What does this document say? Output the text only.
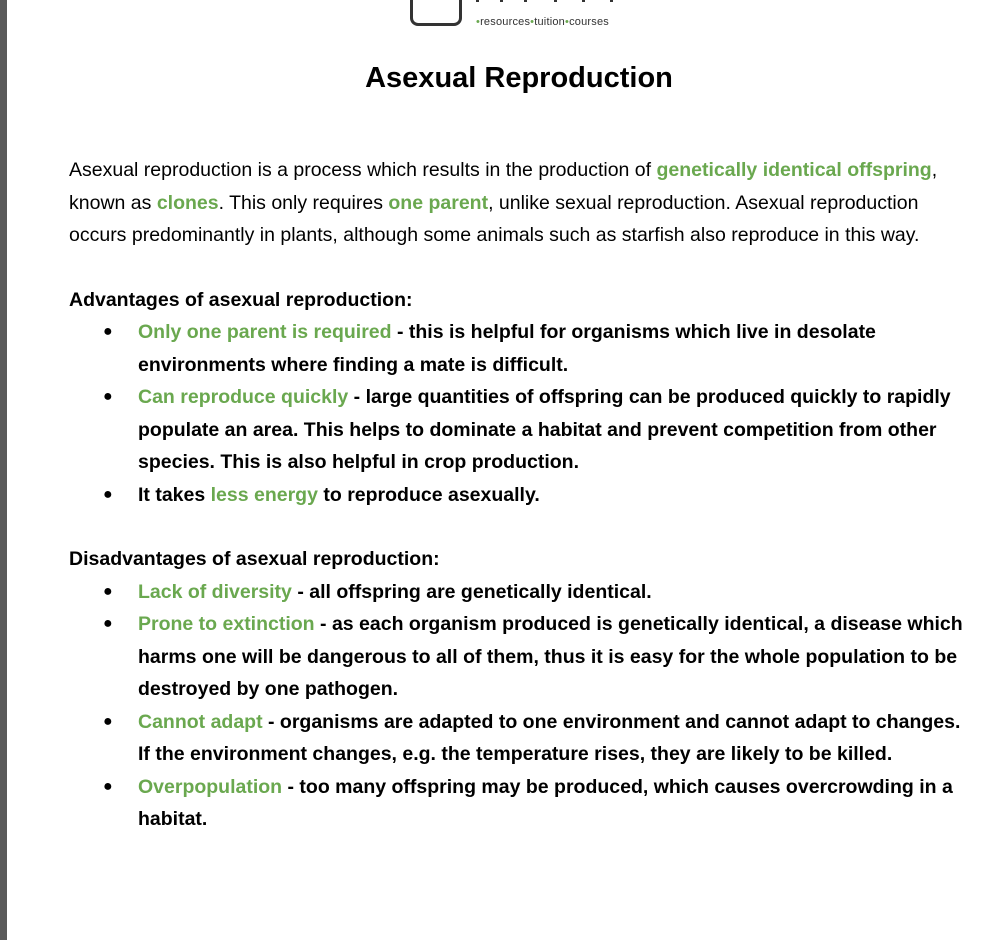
•resources•tuition•courses
Asexual Reproduction

Asexual reproduction is a process which results in the production of genetically identical offspring, known as clones. This only requires one parent, unlike sexual reproduction. Asexual reproduction occurs predominantly in plants, although some animals such as starfish also reproduce in this way.

Advantages of asexual reproduction:

● Only one parent is required - this is helpful for organisms which live in desolate environments where finding a mate is difficult.
● Can reproduce quickly - large quantities of offspring can be produced quickly to rapidly populate an area. This helps to dominate a habitat and prevent competition from other species. This is also helpful in crop production.
● It takes less energy to reproduce asexually.

Disadvantages of asexual reproduction:

● Lack of diversity - all offspring are genetically identical.
● Prone to extinction - as each organism produced is genetically identical, a disease which harms one will be dangerous to all of them, thus it is easy for the whole population to be destroyed by one pathogen.
● Cannot adapt - organisms are adapted to one environment and cannot adapt to changes. If the environment changes, e.g. the temperature rises, they are likely to be killed.
● Overpopulation - too many offspring may be produced, which causes overcrowding in a habitat.
